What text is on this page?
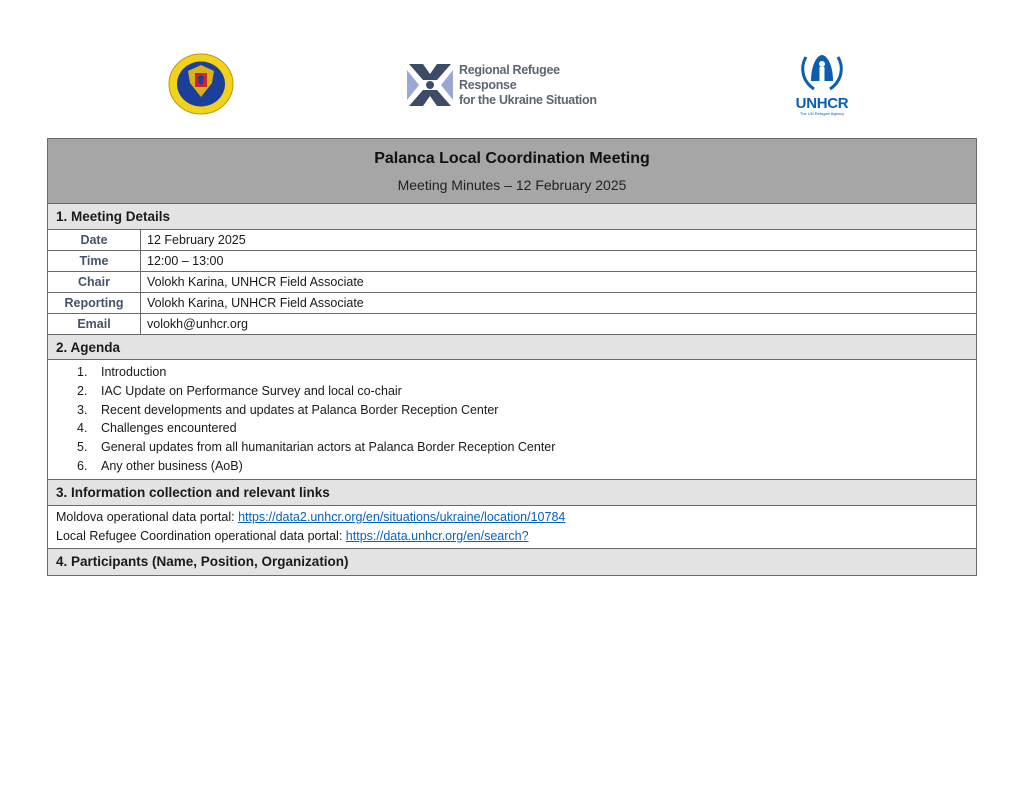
Regional Refugee Response
for the Ukraine Situation	UNHCR
The UN Refugee Agency
Palanca Local Coordination Meeting
Meeting Minutes – 12 February 2025
1. Meeting Details
Date	12 February 2025
Time	12:00 – 13:00
Chair	Volokh Karina, UNHCR Field Associate
Reporting	Volokh Karina, UNHCR Field Associate
Email	volokh@unhcr.org
2. Agenda
1.	Introduction
2.	IAC Update on Performance Survey and local co-chair
3.	Recent developments and updates at Palanca Border Reception Center
4.	Challenges encountered
5.	General updates from all humanitarian actors at Palanca Border Reception Center
6.	Any other business (AoB)
3. Information collection and relevant links
Moldova operational data portal: https://data2.unhcr.org/en/situations/ukraine/location/10784
Local Refugee Coordination operational data portal: https://data.unhcr.org/en/search?
4. Participants (Name, Position, Organization)
